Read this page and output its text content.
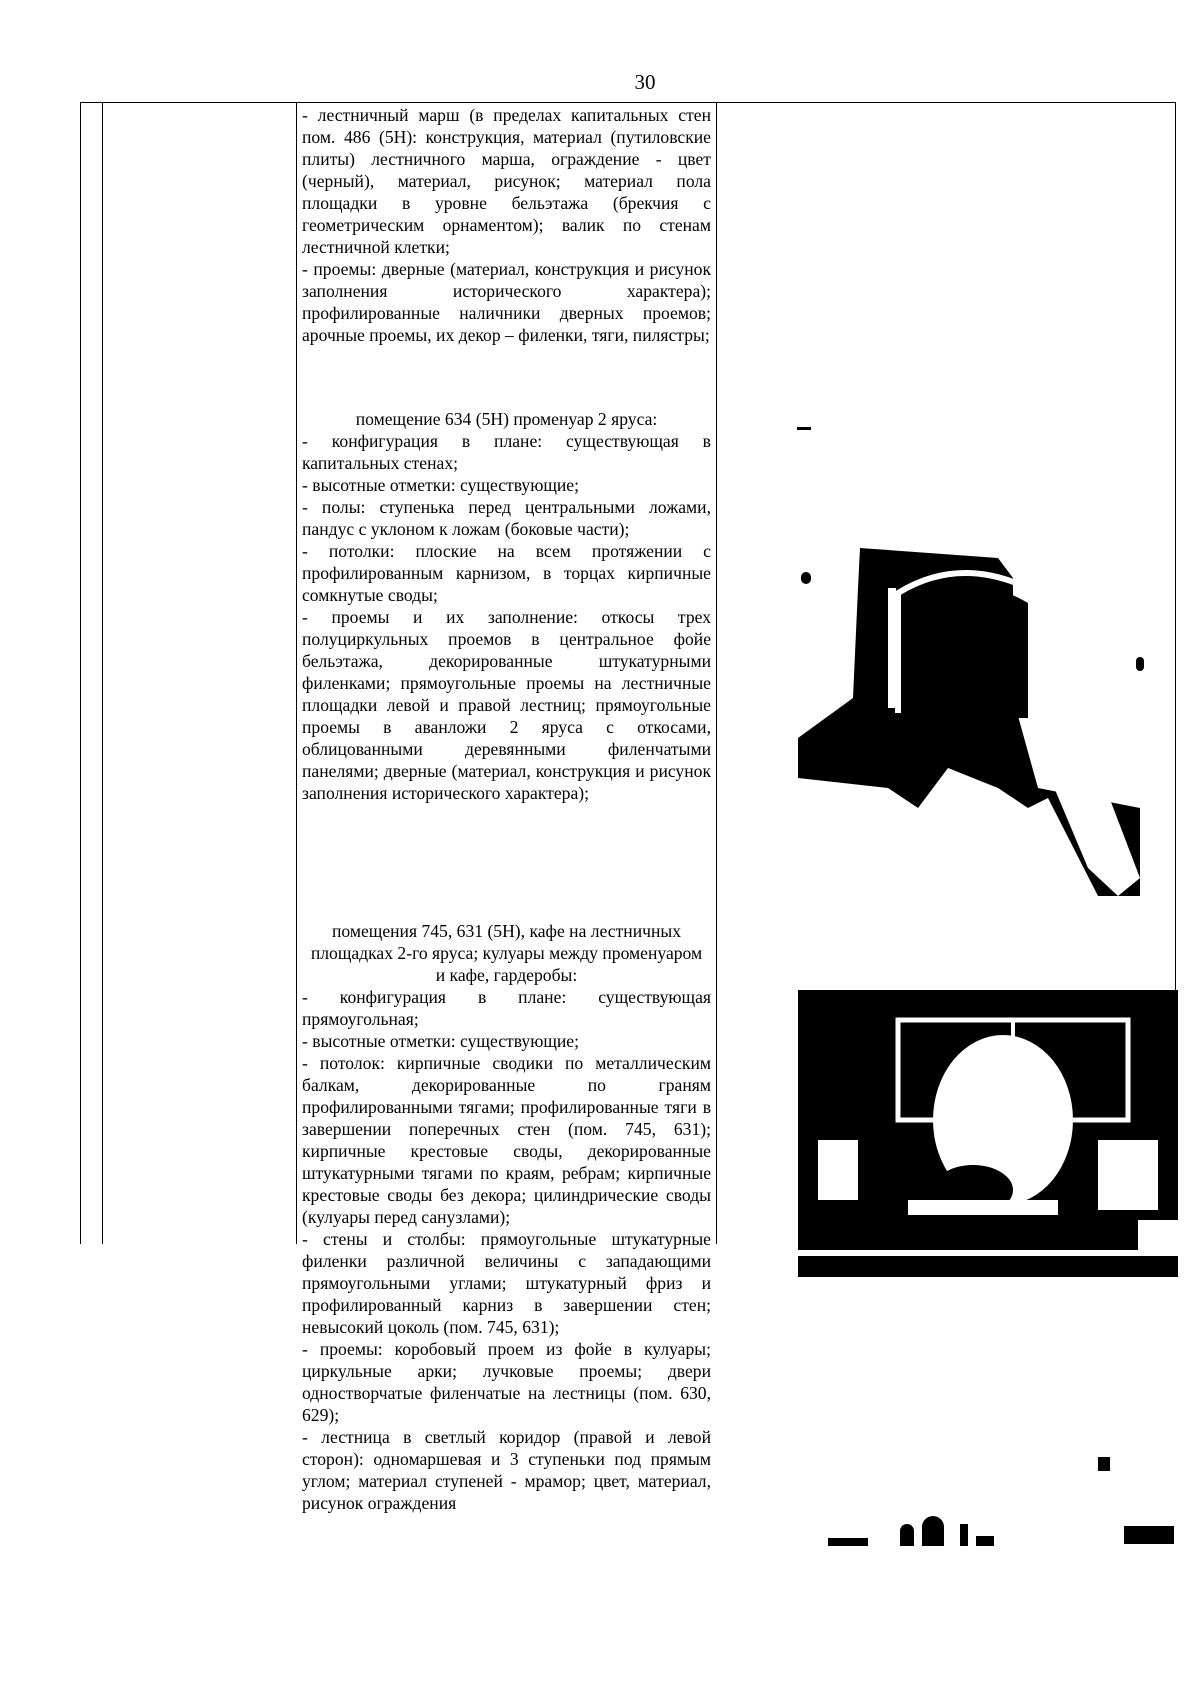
30

- лестничный марш (в пределах капитальных стен пом. 486 (5Н): конструкция, материал (путиловские плиты) лестничного марша, ограждение - цвет (черный), материал, рисунок; материал пола площадки в уровне бельэтажа (брекчия с геометрическим орнаментом); валик по стенам лестничной клетки;

- проемы: дверные (материал, конструкция и рисунок заполнения исторического характера); профилированные наличники дверных проемов; арочные проемы, их декор – филенки, тяги, пилястры;

помещение 634 (5Н) променуар 2 яруса:

- конфигурация в плане: существующая в капитальных стенах;

- высотные отметки: существующие;

- полы: ступенька перед центральными ложами, пандус с уклоном к ложам (боковые части);

- потолки: плоские на всем протяжении с профилированным карнизом, в торцах кирпичные сомкнутые своды;

- проемы и их заполнение: откосы трех полуциркульных проемов в центральное фойе бельэтажа, декорированные штукатурными филенками; прямоугольные проемы на лестничные площадки левой и правой лестниц; прямоугольные проемы в аванложи 2 яруса с откосами, облицованными деревянными филенчатыми панелями; дверные (материал, конструкция и рисунок заполнения исторического характера);

помещения 745, 631 (5Н), кафе на лестничных площадках 2-го яруса; кулуары между променуаром и кафе, гардеробы:

- конфигурация в плане: существующая прямоугольная;

- высотные отметки: существующие;

- потолок: кирпичные сводики по металлическим балкам, декорированные по граням профилированными тягами; профилированные тяги в завершении поперечных стен (пом. 745, 631); кирпичные крестовые своды, декорированные штукатурными тягами по краям, ребрам; кирпичные крестовые своды без декора; цилиндрические своды (кулуары перед санузлами);

- стены и столбы: прямоугольные штукатурные филенки различной величины с западающими прямоугольными углами; штукатурный фриз и профилированный карниз в завершении стен; невысокий цоколь (пом. 745, 631);

- проемы: коробовый проем из фойе в кулуары; циркульные арки; лучковые проемы; двери одностворчатые филенчатые на лестницы (пом. 630, 629);

- лестница в светлый коридор (правой и левой сторон): одномаршевая и 3 ступеньки под прямым углом; материал ступеней - мрамор; цвет, материал, рисунок ограждения
